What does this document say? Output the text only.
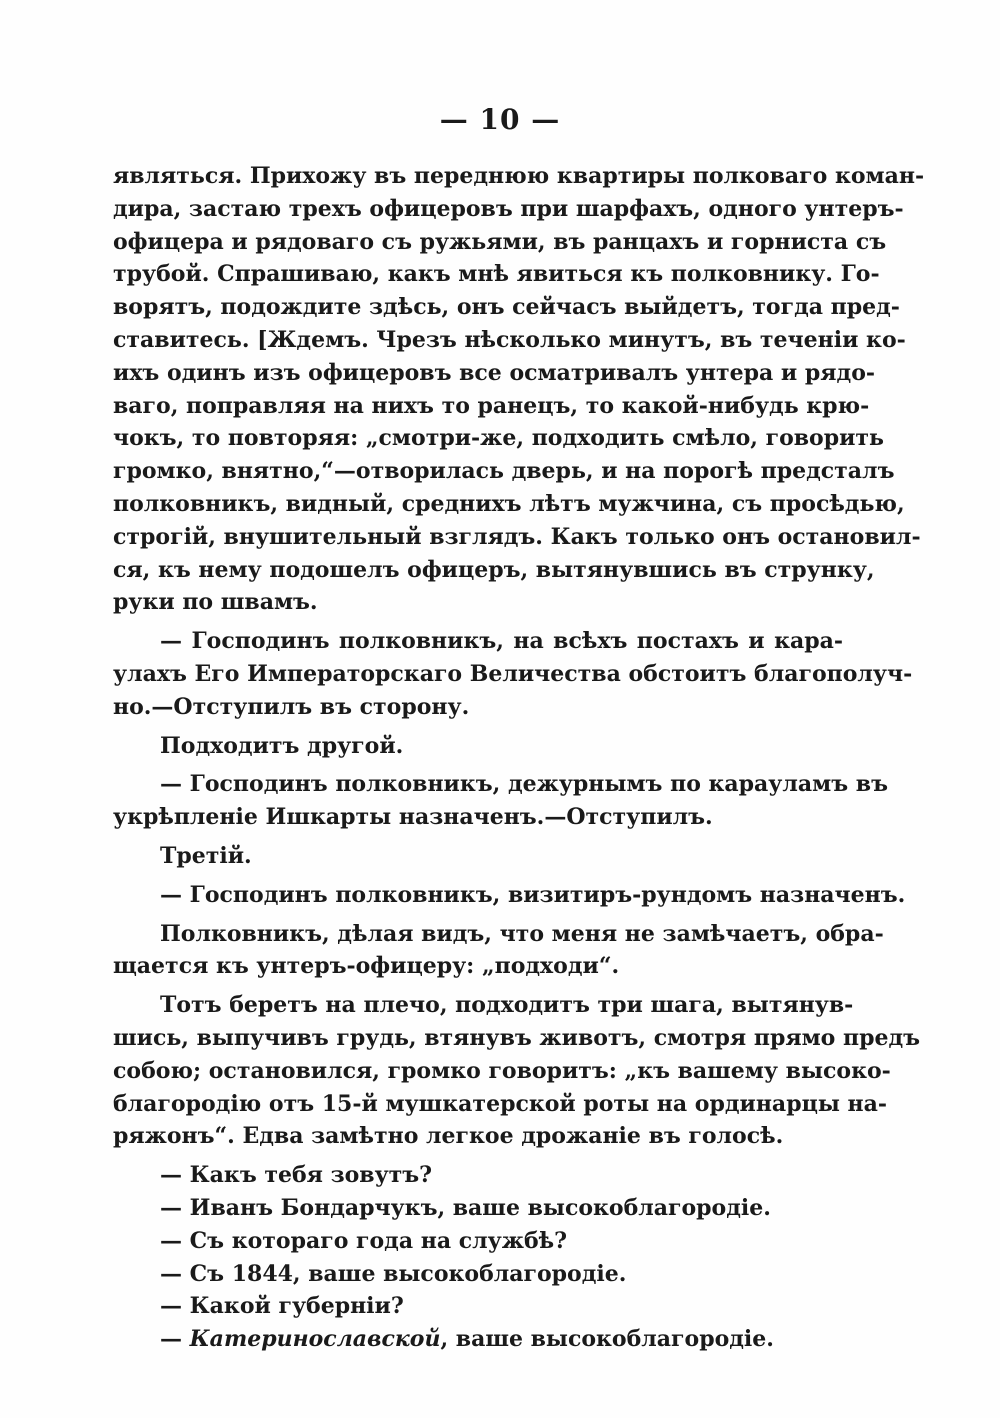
— 10 —
являться. Прихожу въ переднюю квартиры полковаго коман-
дира, застаю трехъ офицеровъ при шарфахъ, одного унтеръ-
офицера и рядоваго съ ружьями, въ ранцахъ и горниста съ
трубой. Спрашиваю, какъ мнѣ явиться къ полковнику. Го-
ворятъ, подождите здѣсь, онъ сейчасъ выйдетъ, тогда пред-
ставитесь. [Ждемъ. Чрезъ нѣсколько минутъ, въ теченіи ко-
ихъ одинъ изъ офицеровъ все осматривалъ унтера и рядо-
ваго, поправляя на нихъ то ранецъ, то какой-нибудь крю-
чокъ, то повторяя: „смотри-же, подходить смѣло, говорить
громко, внятно,“—отворилась дверь, и на порогѣ предсталъ
полковникъ, видный, среднихъ лѣтъ мужчина, съ просѣдью,
строгій, внушительный взглядъ. Какъ только онъ остановил-
ся, къ нему подошелъ офицеръ, вытянувшись въ струнку,
руки по швамъ.
— Господинъ полковникъ, на всѣхъ постахъ и кара-
улахъ Его Императорскаго Величества обстоитъ благополуч-
но.—Отступилъ въ сторону.
Подходитъ другой.
— Господинъ полковникъ, дежурнымъ по карауламъ въ
укрѣпленіе Ишкарты назначенъ.—Отступилъ.
Третій.
— Господинъ полковникъ, визитиръ-рундомъ назначенъ.
Полковникъ, дѣлая видъ, что меня не замѣчаетъ, обра-
щается къ унтеръ-офицеру: „подходи“.
Тотъ беретъ на плечо, подходитъ три шага, вытянув-
шись, выпучивъ грудь, втянувъ животъ, смотря прямо предъ
собою; остановился, громко говоритъ: „къ вашему высоко-
благородію отъ 15-й мушкатерской роты на ординарцы на-
ряжонъ“. Едва замѣтно легкое дрожаніе въ голосѣ.
— Какъ тебя зовутъ?
— Иванъ Бондарчукъ, ваше высокоблагородіе.
— Съ котораго года на службѣ?
— Съ 1844, ваше высокоблагородіе.
— Какой губерніи?
— Катеринославской, ваше высокоблагородіе.
